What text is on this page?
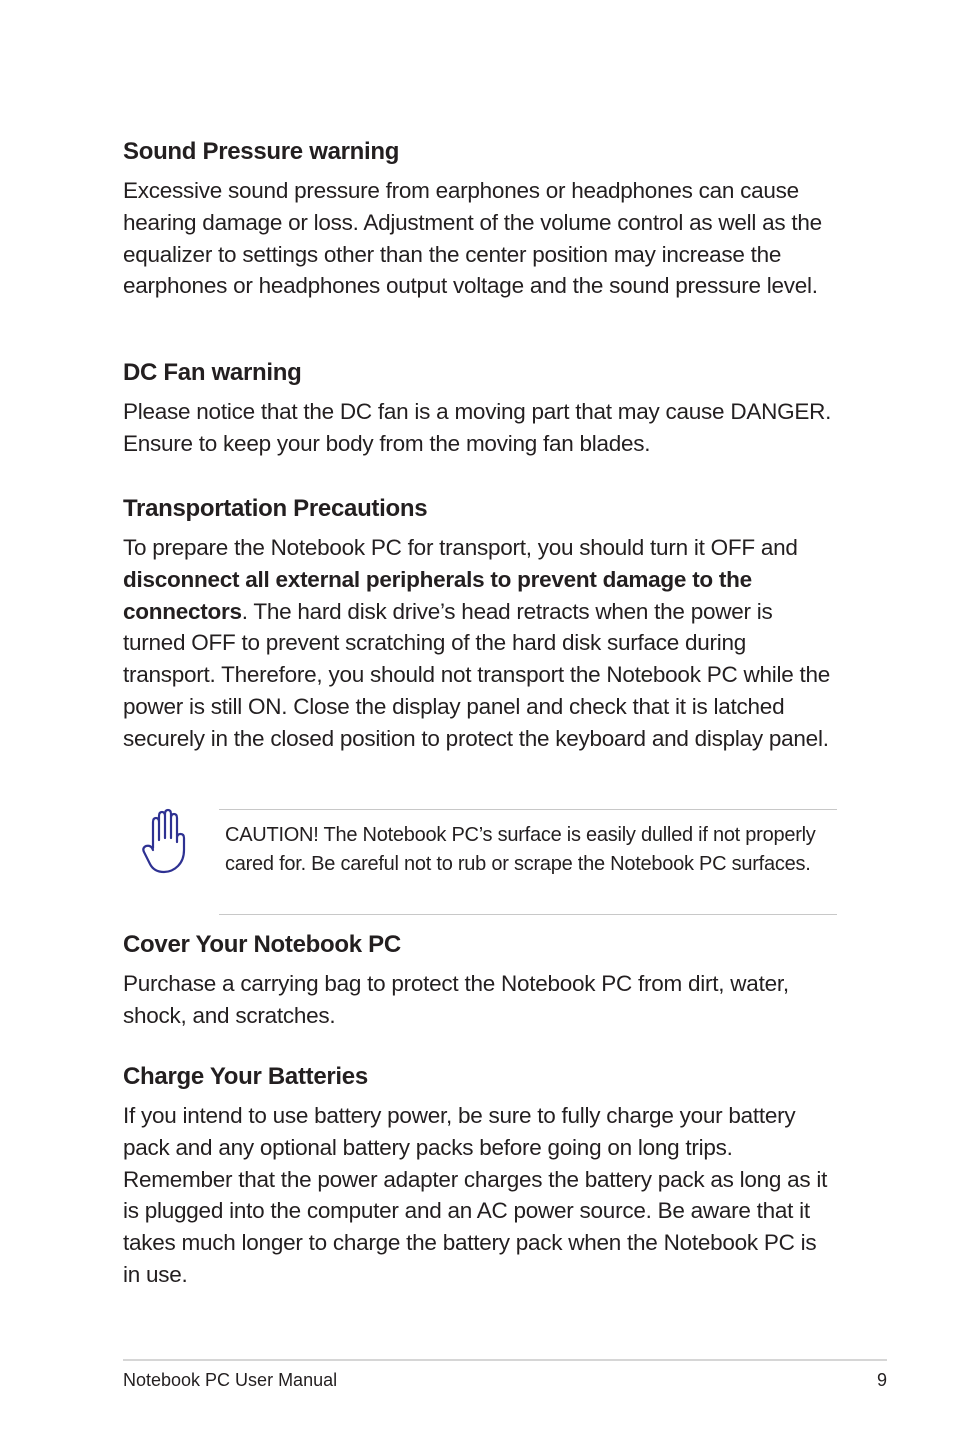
Sound Pressure warning

Excessive sound pressure from earphones or headphones can cause hearing damage or loss. Adjustment of the volume control as well as the equalizer to settings other than the center position may increase the earphones or headphones output voltage and the sound pressure level.

DC Fan warning

Please notice that the DC fan is a moving part that may cause DANGER. Ensure to keep your body from the moving fan blades.

Transportation Precautions

To prepare the Notebook PC for transport, you should turn it OFF and disconnect all external peripherals to prevent damage to the connectors. The hard disk drive’s head retracts when the power is turned OFF to prevent scratching of the hard disk surface during transport. Therefore, you should not transport the Notebook PC while the power is still ON. Close the display panel and check that it is latched securely in the closed position to protect the keyboard and display panel.

CAUTION! The Notebook PC’s surface is easily dulled if not properly cared for. Be careful not to rub or scrape the Notebook PC surfaces.

Cover Your Notebook PC

Purchase a carrying bag to protect the Notebook PC from dirt, water, shock, and scratches.

Charge Your Batteries

If you intend to use battery power, be sure to fully charge your battery pack and any optional battery packs before going on long trips. Remember that the power adapter charges the battery pack as long as it is plugged into the computer and an AC power source. Be aware that it takes much longer to charge the battery pack when the Notebook PC is in use.

Notebook PC User Manual	9
